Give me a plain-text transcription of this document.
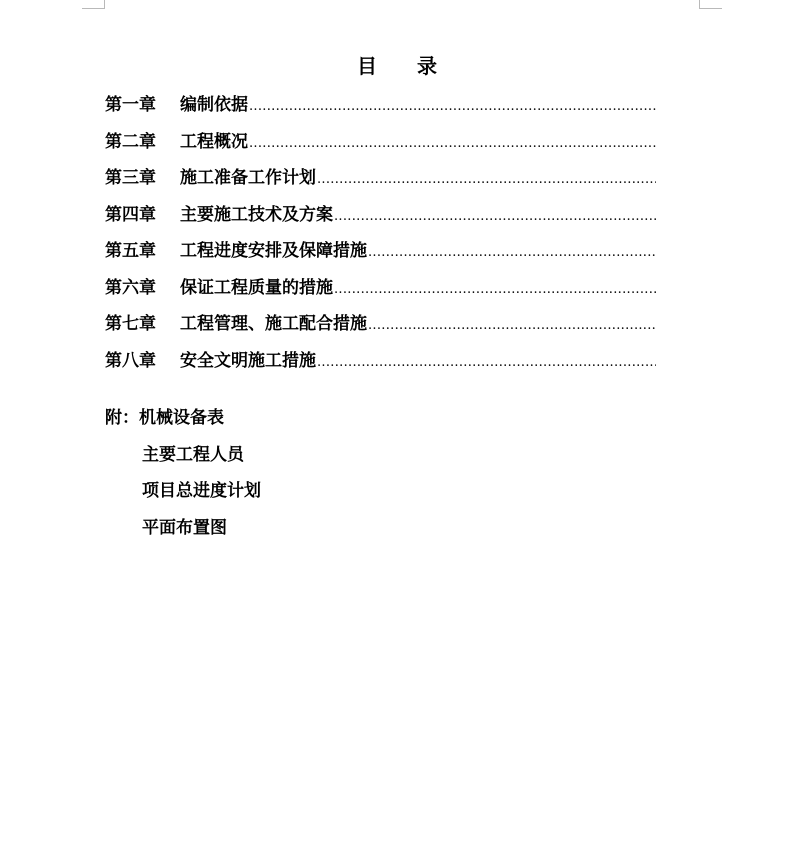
目　　录
第一章	编制依据
.....
第二章	工程概况
.....
第三章	施工准备工作计划
.....
第四章	主要施工技术及方案
.....
第五章	工程进度安排及保障措施
.....
第六章	保证工程质量的措施
.....
第七章	工程管理、施工配合措施
.....
第八章	安全文明施工措施
.....
附：机械设备表
主要工程人员
项目总进度计划
平面布置图
